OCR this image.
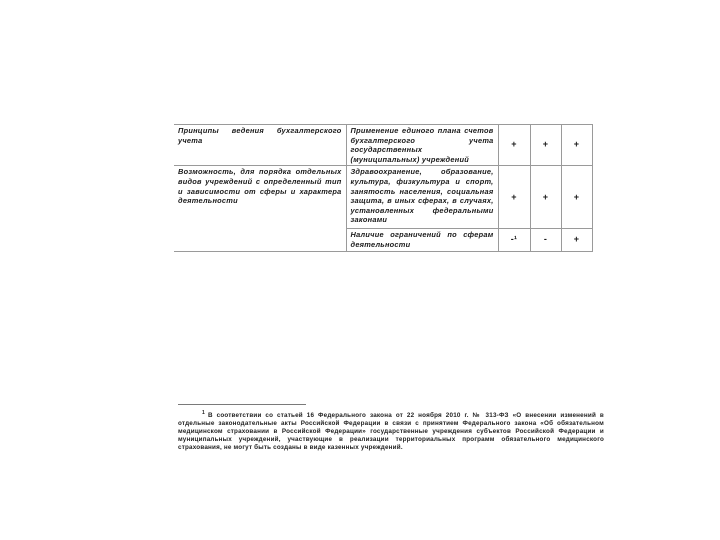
Принципы ведения бухгалтерского учета	Применение единого плана счетов бухгалтерского учета государственных (муниципальных) учреждений	+	+	+
Возможность, для порядка отдельных видов учреждений с определенный тип и зависимости от сферы и характера деятельности	Здравоохранение, образование, культура, физкультура и спорт, занятость населения, социальная защита, в иных сферах, в случаях, установленных федеральными законами	+	+	+
	Наличие ограничений по сферам деятельности	-¹	-	+
$^1$ В соответствии со статьей 16 Федерального закона от 22 ноября 2010 г. № 313-ФЗ «О внесении изменений в отдельные законодательные акты Российской Федерации в связи с принятием Федерального закона «Об обязательном медицинском страховании в Российской Федерации» государственные учреждения субъектов Российской Федерации и муниципальных учреждений, участвующие в реализации территориальных программ обязательного медицинского страхования, не могут быть созданы в виде казенных учреждений.
